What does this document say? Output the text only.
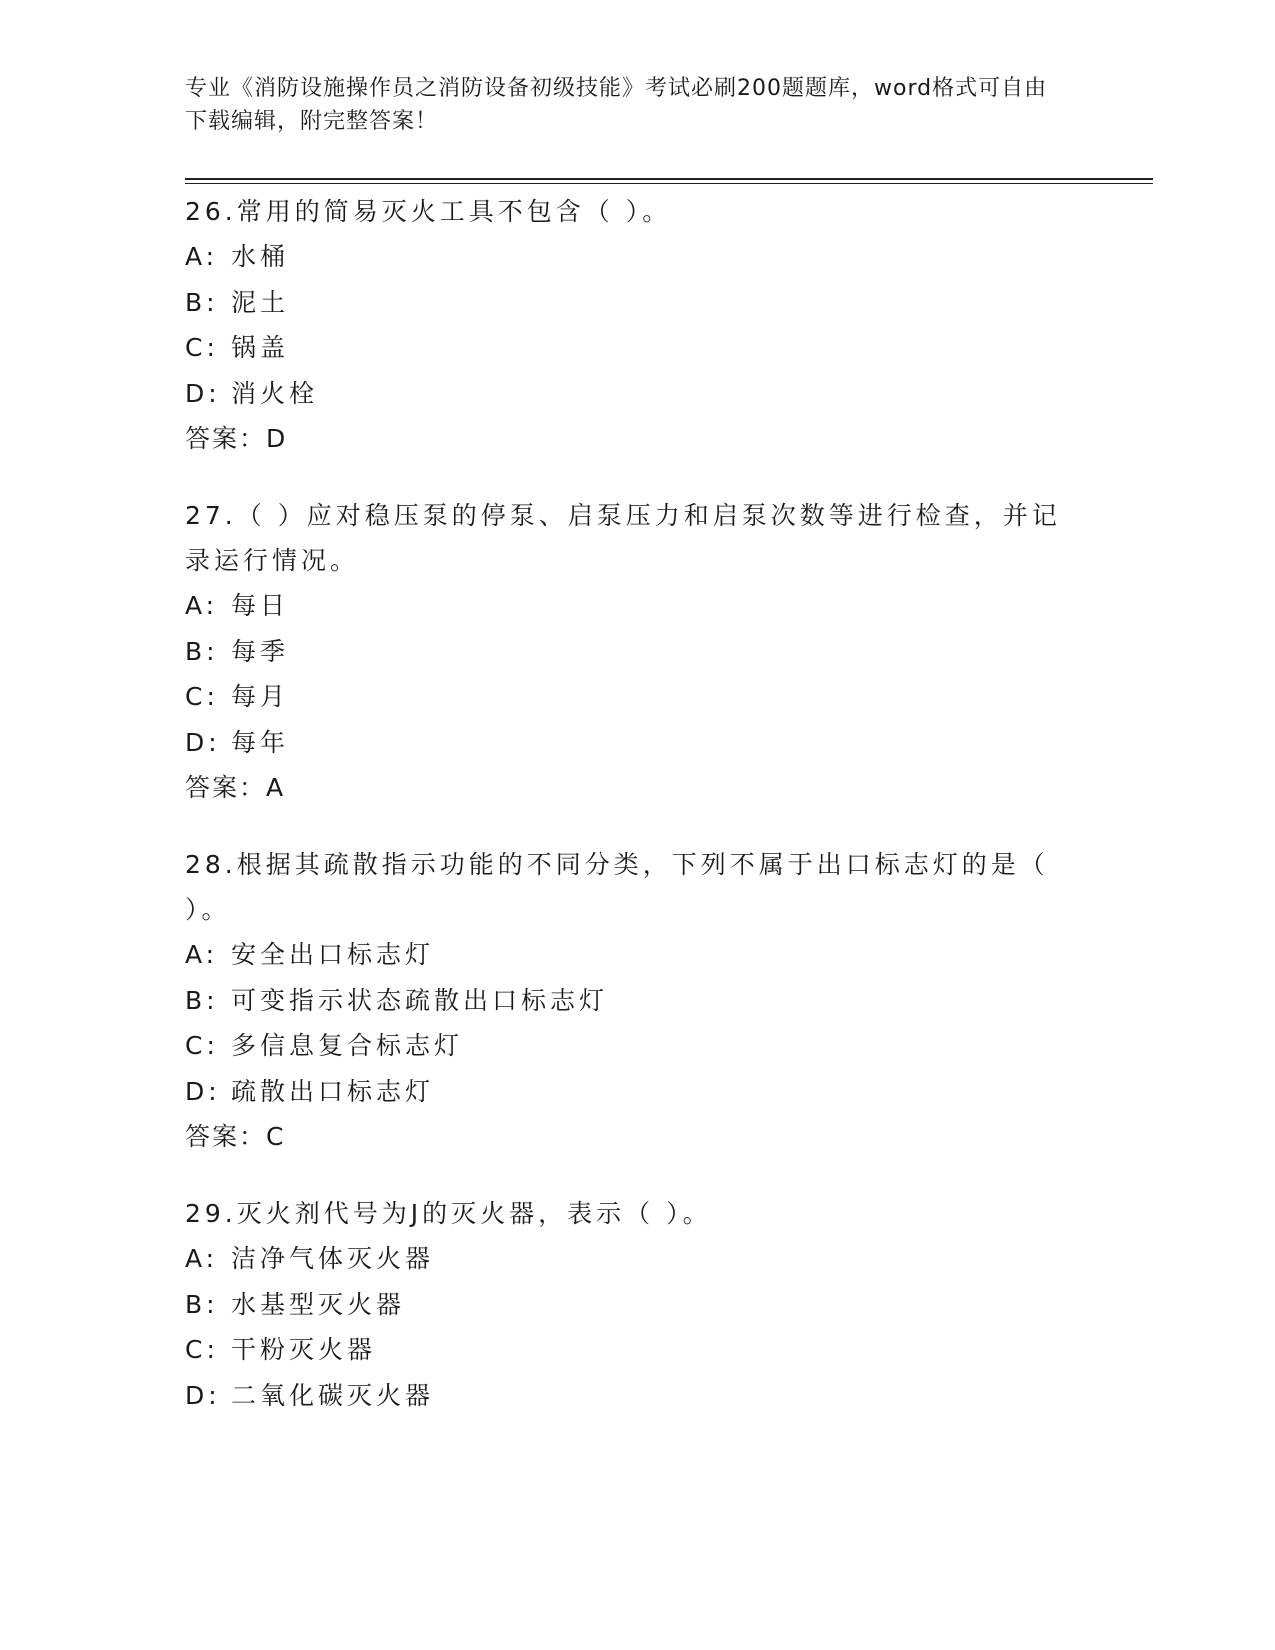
专业《消防设施操作员之消防设备初级技能》考试必刷200题题库，word格式可自由下载编辑，附完整答案！
26.常用的简易灭火工具不包含（ ）。
A: 水桶
B: 泥土
C: 锅盖
D: 消火栓
答案：D
27.（ ）应对稳压泵的停泵、启泵压力和启泵次数等进行检查，并记录运行情况。
A: 每日
B: 每季
C: 每月
D: 每年
答案：A
28.根据其疏散指示功能的不同分类，下列不属于出口标志灯的是（ ）。
A: 安全出口标志灯
B: 可变指示状态疏散出口标志灯
C: 多信息复合标志灯
D: 疏散出口标志灯
答案：C
29.灭火剂代号为J的灭火器，表示（ ）。
A: 洁净气体灭火器
B: 水基型灭火器
C: 干粉灭火器
D: 二氧化碳灭火器
